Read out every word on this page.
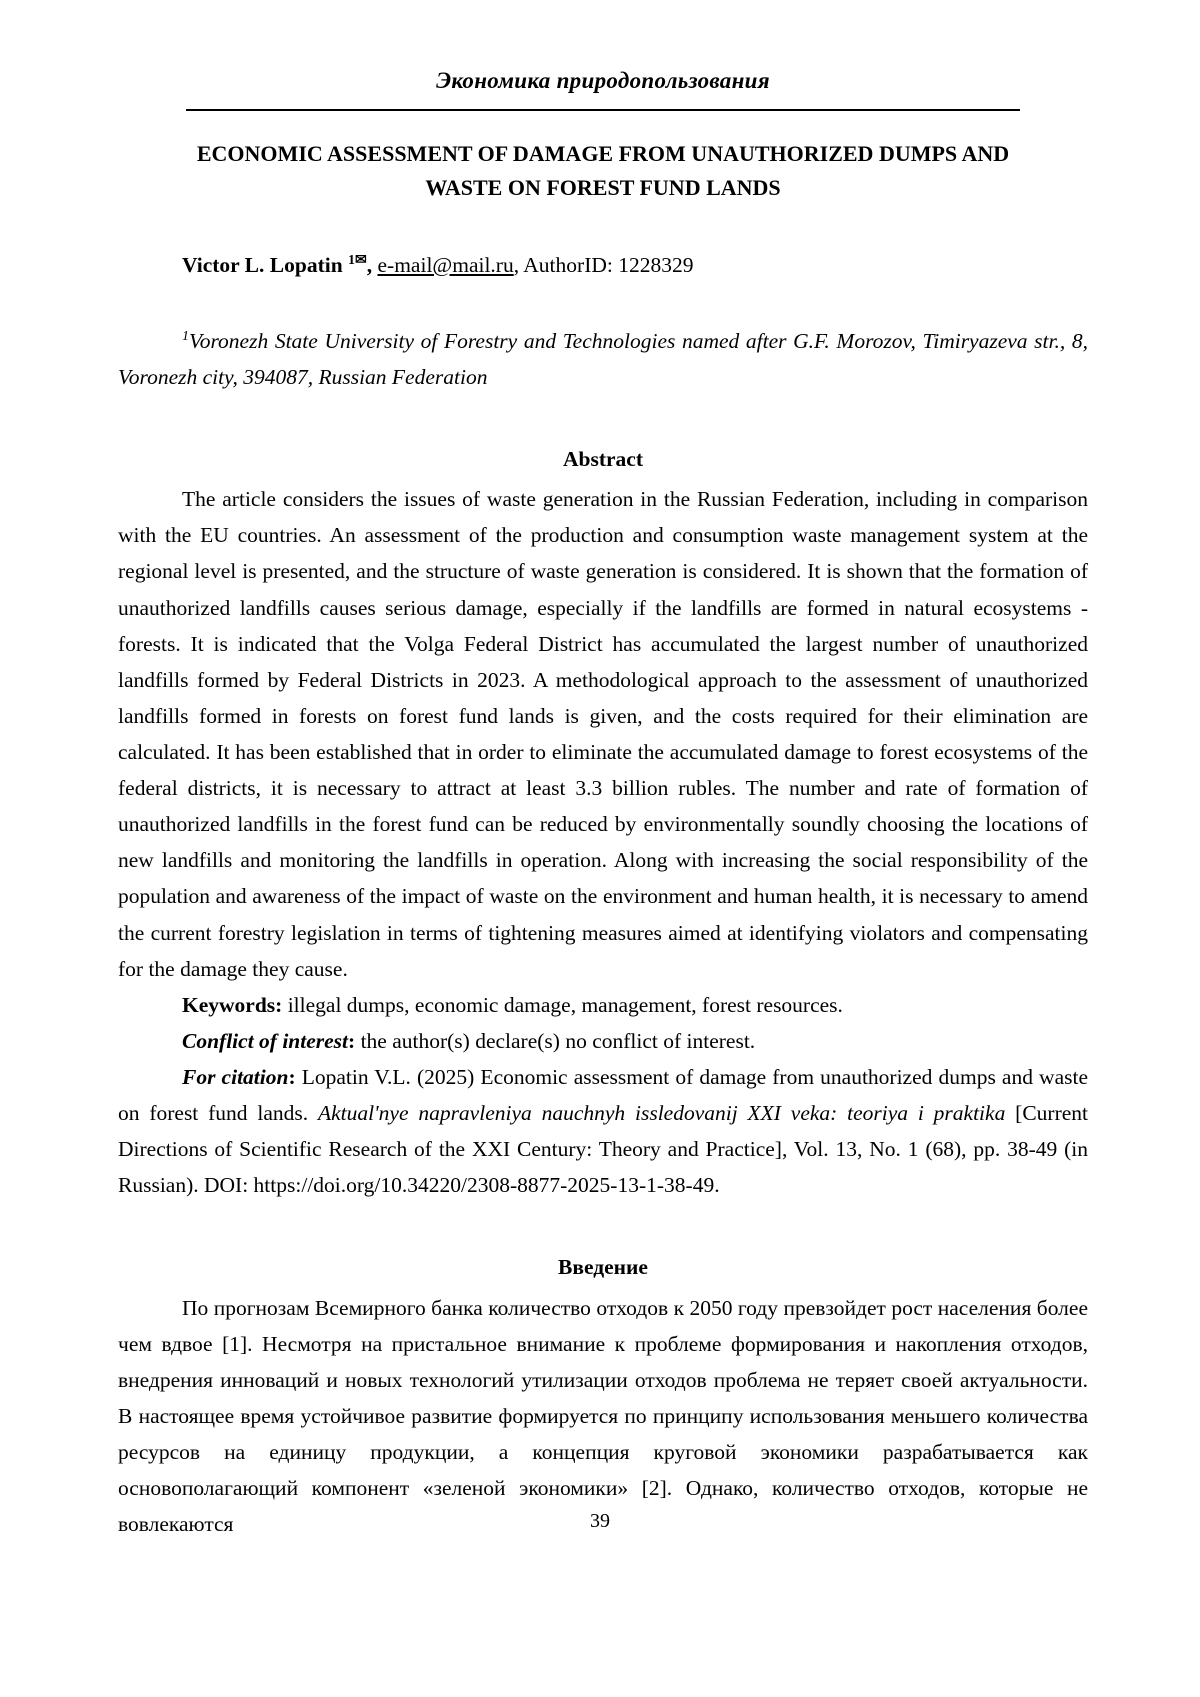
Экономика природопользования
ECONOMIC ASSESSMENT OF DAMAGE FROM UNAUTHORIZED DUMPS AND
WASTE ON FOREST FUND LANDS

Victor L. Lopatin $^{1✉}$, e-mail@mail.ru, AuthorID: 1228329

$^1$Voronezh State University of Forestry and Technologies named after G.F. Morozov, Timiryazeva str., 8, Voronezh city, 394087, Russian Federation

Abstract

The article considers the issues of waste generation in the Russian Federation, including in comparison with the EU countries. An assessment of the production and consumption waste management system at the regional level is presented, and the structure of waste generation is considered. It is shown that the formation of unauthorized landfills causes serious damage, especially if the landfills are formed in natural ecosystems - forests. It is indicated that the Volga Federal District has accumulated the largest number of unauthorized landfills formed by Federal Districts in 2023. A methodological approach to the assessment of unauthorized landfills formed in forests on forest fund lands is given, and the costs required for their elimination are calculated. It has been established that in order to eliminate the accumulated damage to forest ecosystems of the federal districts, it is necessary to attract at least 3.3 billion rubles. The number and rate of formation of unauthorized landfills in the forest fund can be reduced by environmentally soundly choosing the locations of new landfills and monitoring the landfills in operation. Along with increasing the social responsibility of the population and awareness of the impact of waste on the environment and human health, it is necessary to amend the current forestry legislation in terms of tightening measures aimed at identifying violators and compensating for the damage they cause.

Keywords: illegal dumps, economic damage, management, forest resources.

Conflict of interest: the author(s) declare(s) no conflict of interest.

For citation: Lopatin V.L. (2025) Economic assessment of damage from unauthorized dumps and waste on forest fund lands. Aktual'nye napravleniya nauchnyh issledovanij XXI veka: teoriya i praktika [Current Directions of Scientific Research of the XXI Century: Theory and Practice], Vol. 13, No. 1 (68), pp. 38-49 (in Russian). DOI: https://doi.org/10.34220/2308-8877-2025-13-1-38-49.

Введение

По прогнозам Всемирного банка количество отходов к 2050 году превзойдет рост населения более чем вдвое [1]. Несмотря на пристальное внимание к проблеме формирования и накопления отходов, внедрения инноваций и новых технологий утилизации отходов проблема не теряет своей актуальности. В настоящее время устойчивое развитие формируется по принципу использования меньшего количества ресурсов на единицу продукции, а концепция круговой экономики разрабатывается как основополагающий компонент «зеленой экономики» [2]. Однако, количество отходов, которые не вовлекаются	39
